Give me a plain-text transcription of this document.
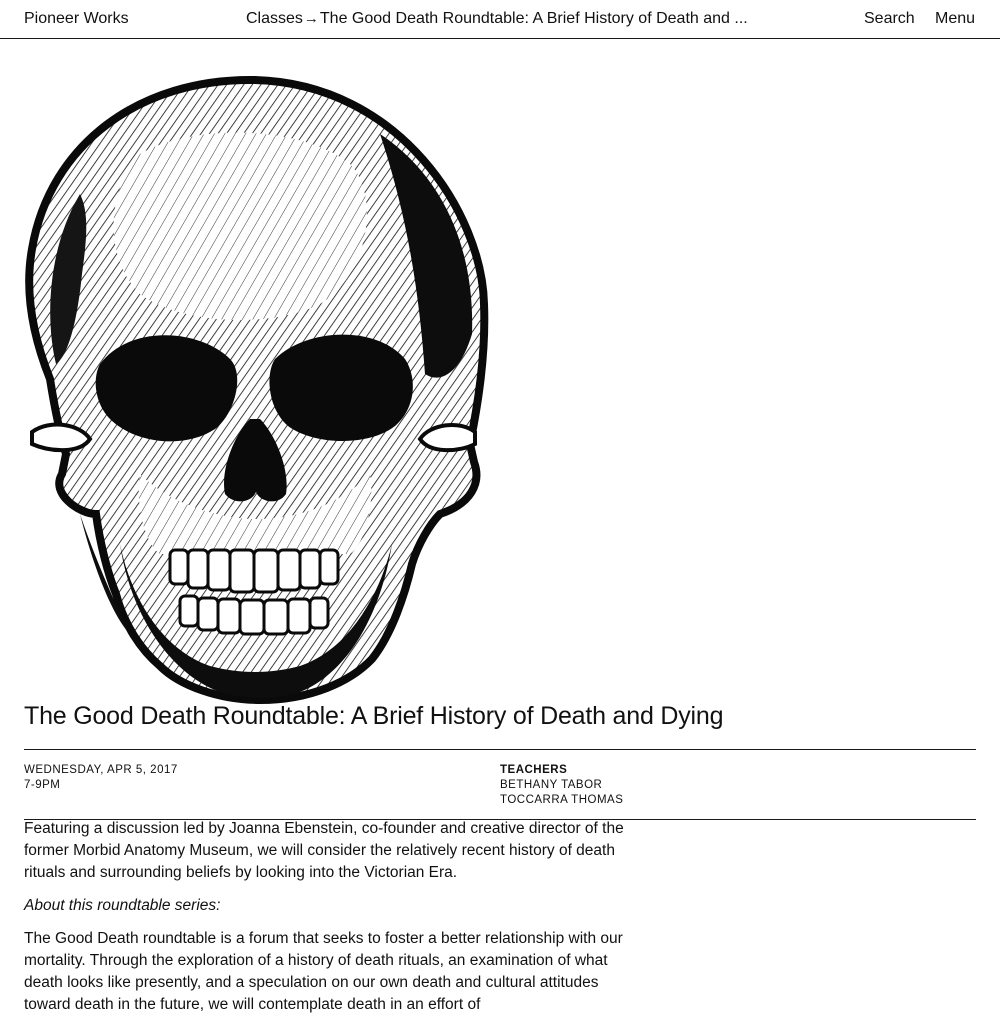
Pioneer Works	Classes→The Good Death Roundtable: A Brief History of Death and ...	Search Menu
The Good Death Roundtable: A Brief History of Death and Dying
WEDNESDAY, APR 5, 2017
7-9PM
TEACHERS
BETHANY TABOR
TOCCARRA THOMAS

Featuring a discussion led by Joanna Ebenstein, co-founder and creative director of the former Morbid Anatomy Museum, we will consider the relatively recent history of death rituals and surrounding beliefs by looking into the Victorian Era.

About this roundtable series:

The Good Death roundtable is a forum that seeks to foster a better relationship with our mortality. Through the exploration of a history of death rituals, an examination of what death looks like presently, and a speculation on our own death and cultural attitudes toward death in the future, we will contemplate death in an effort of
